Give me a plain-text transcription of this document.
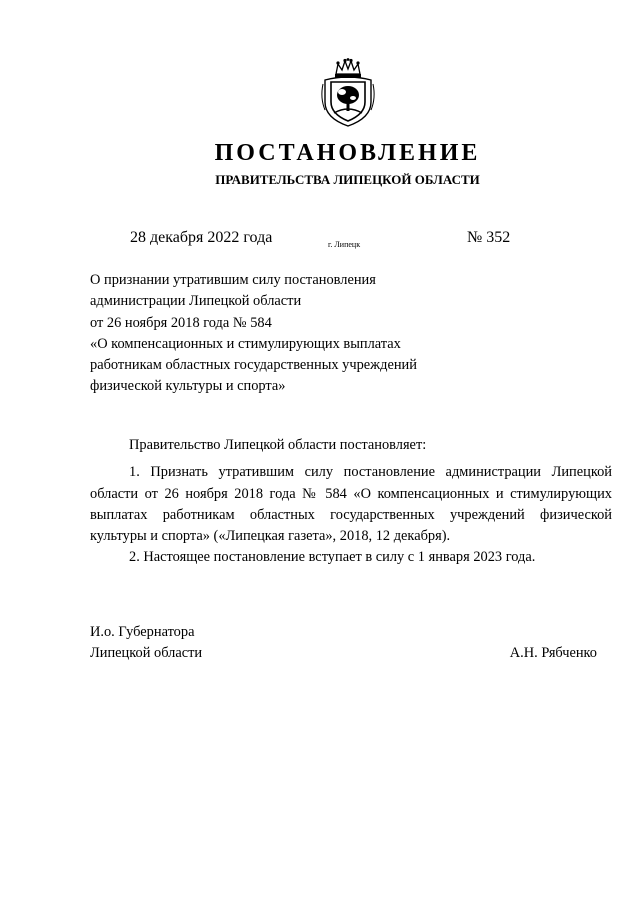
ПОСТАНОВЛЕНИЕ
ПРАВИТЕЛЬСТВА ЛИПЕЦКОЙ ОБЛАСТИ
28 декабря 2022 года	г. Липецк	№ 352
О признании утратившим силу постановления
администрации Липецкой области
от 26 ноября 2018 года № 584
«О компенсационных и стимулирующих выплатах
работникам областных государственных учреждений
физической культуры и спорта»

Правительство Липецкой области постановляет:

1. Признать утратившим силу постановление администрации Липецкой области от 26 ноября 2018 года № 584 «О компенсационных и стимулирующих выплатах работникам областных государственных учреждений физической культуры и спорта» («Липецкая газета», 2018, 12 декабря).

2. Настоящее постановление вступает в силу с 1 января 2023 года.

И.о. Губернатора
Липецкой области	А.Н. Рябченко
